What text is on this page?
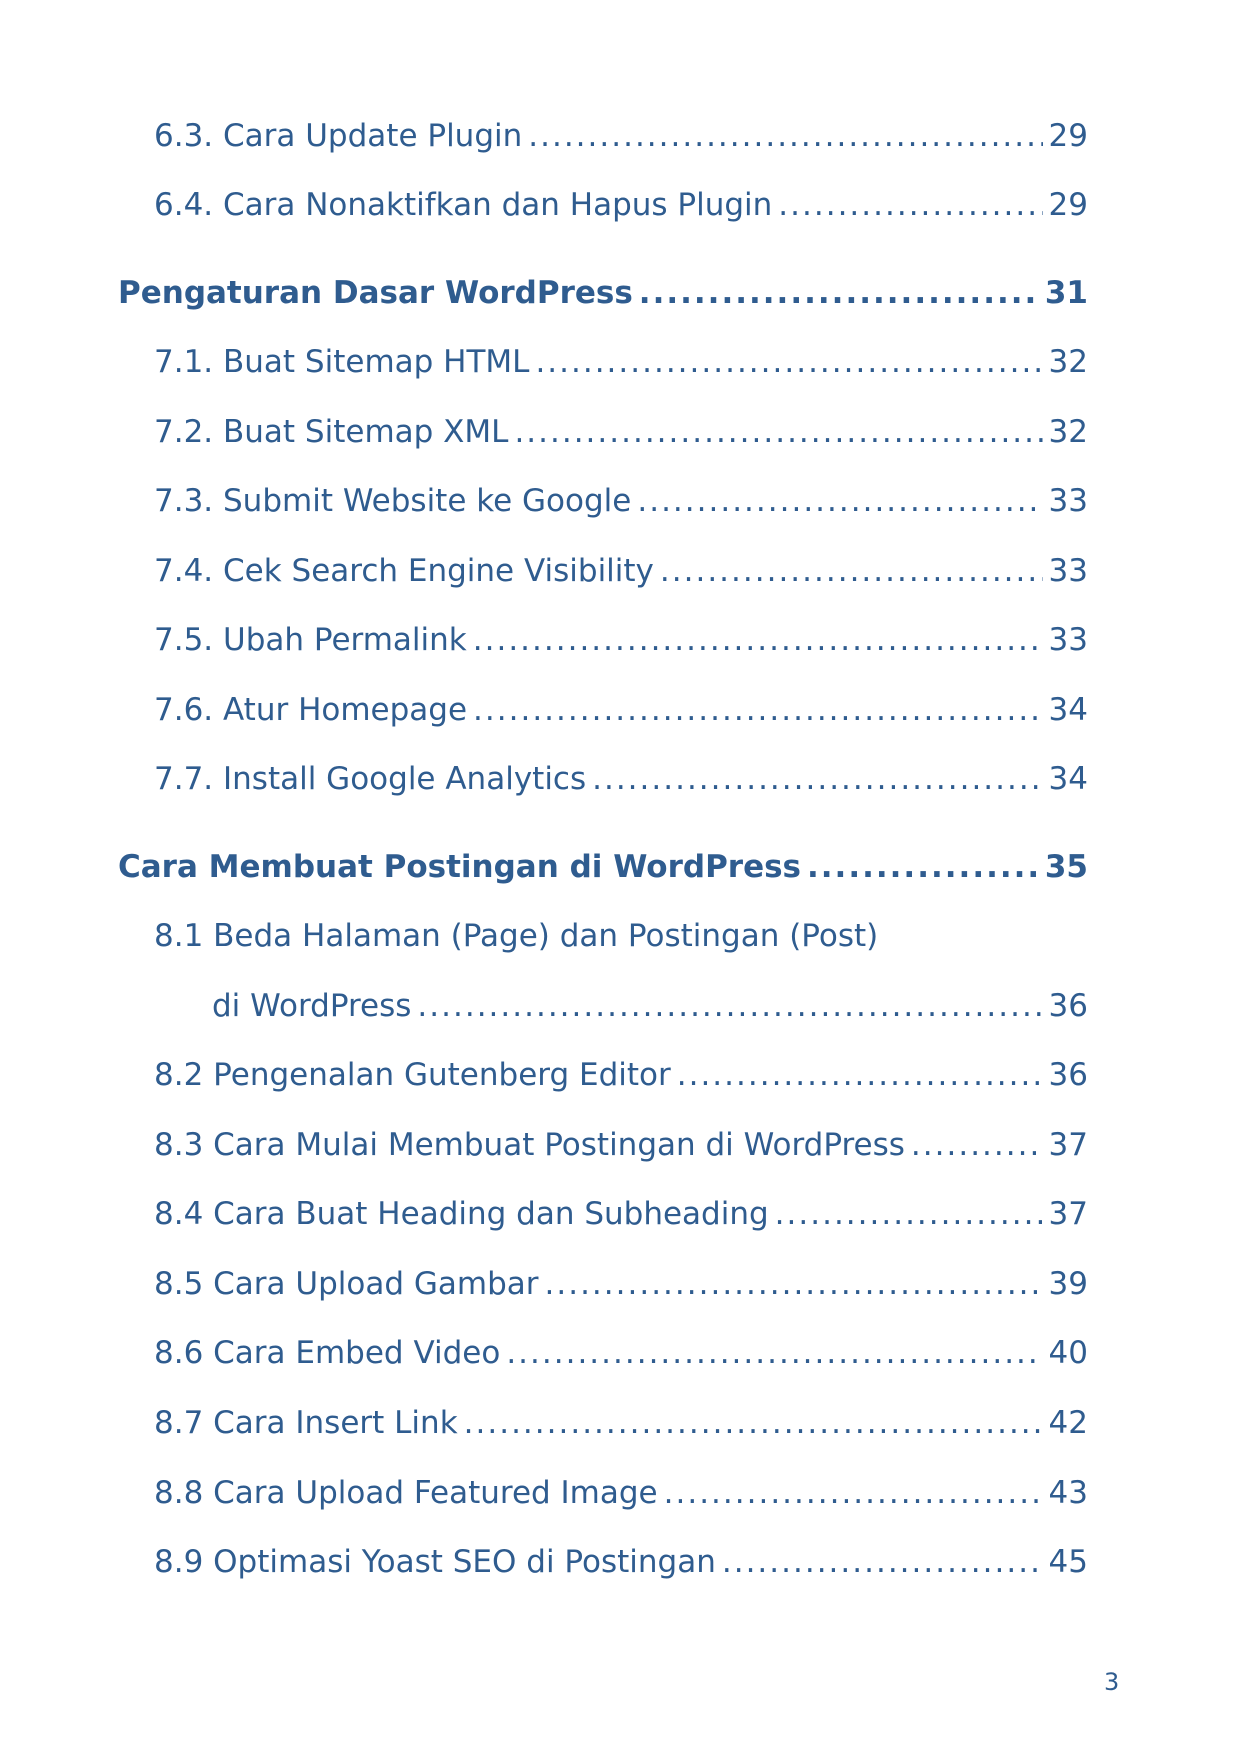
6.3. Cara Update Plugin .....	29
6.4. Cara Nonaktifkan dan Hapus Plugin .....	29
Pengaturan Dasar WordPress .....	31
7.1. Buat Sitemap HTML .....	32
7.2. Buat Sitemap XML .....	32
7.3. Submit Website ke Google .....	33
7.4. Cek Search Engine Visibility .....	33
7.5. Ubah Permalink .....	33
7.6. Atur Homepage .....	34
7.7. Install Google Analytics .....	34
Cara Membuat Postingan di WordPress .....	35
8.1 Beda Halaman (Page) dan Postingan (Post)
di WordPress .....	36
8.2 Pengenalan Gutenberg Editor .....	36
8.3 Cara Mulai Membuat Postingan di WordPress .....	37
8.4 Cara Buat Heading dan Subheading .....	37
8.5 Cara Upload Gambar .....	39
8.6 Cara Embed Video .....	40
8.7 Cara Insert Link .....	42
8.8 Cara Upload Featured Image .....	43
8.9 Optimasi Yoast SEO di Postingan .....	45
3
